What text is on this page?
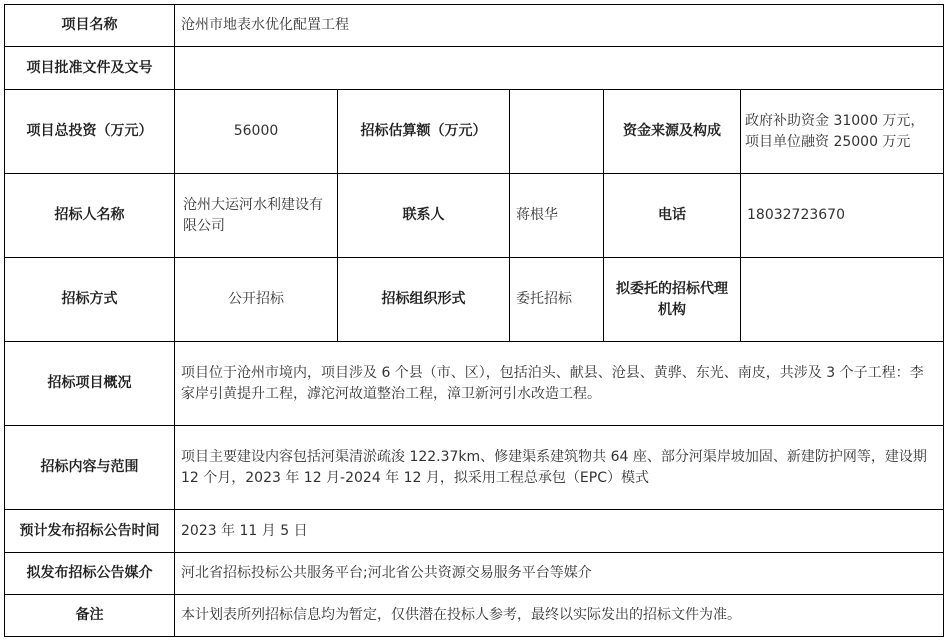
项目名称	沧州市地表水优化配置工程				
项目批准文件及文号					
项目总投资（万元）	56000	招标估算额（万元）		资金来源及构成	政府补助资金 31000 万元，
项目单位融资 25000 万元

招标人名称	沧州大运河水利建设有限公司	联系人	蒋根华	电话	18032723670
招标方式	公开招标	招标组织形式	委托招标	拟委托的招标代理机构	
招标项目概况	项目位于沧州市境内，项目涉及 6 个县（市、区），包括泊头、献县、沧县、黄骅、东光、南皮，共涉及 3 个子工程：李家岸引黄提升工程，滹沱河故道整治工程，漳卫新河引水改造工程。				
招标内容与范围	项目主要建设内容包括河渠清淤疏浚 122.37km、修建渠系建筑物共 64 座、部分河渠岸坡加固、新建防护网等，建设期 12 个月，2023 年 12 月-2024 年 12 月，拟采用工程总承包（EPC）模式				
预计发布招标公告时间	2023 年 11 月 5 日				
拟发布招标公告媒介	河北省招标投标公共服务平台;河北省公共资源交易服务平台等媒介				
备注	本计划表所列招标信息均为暂定，仅供潜在投标人参考，最终以实际发出的招标文件为准。				
